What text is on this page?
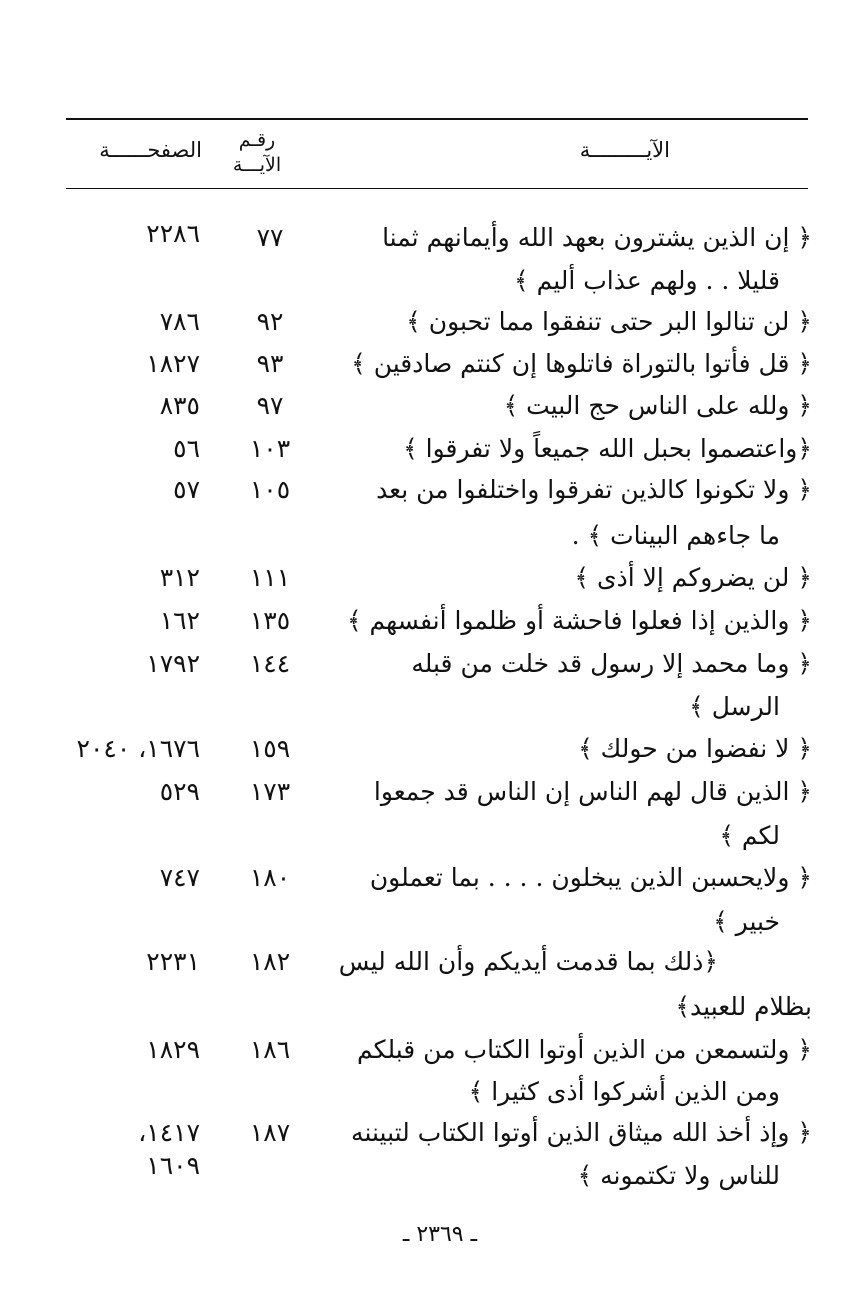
الآيـــــــــة
رقـم
الآيـــة
الصفحــــــة
﴿ إن الذين يشترون بعهد الله وأيمانهم ثمنا
قليلا . . ولهم عذاب أليم ﴾
٧٧
٢٢٨٦
﴿ لن تنالوا البر حتى تنفقوا مما تحبون ﴾
٩٢
٧٨٦
﴿ قل فأتوا بالتوراة فاتلوها إن كنتم صادقين ﴾
٩٣
١٨٢٧
﴿ ولله على الناس حج البيت ﴾
٩٧
٨٣٥
﴿واعتصموا بحبل الله جميعاً ولا تفرقوا ﴾
١٠٣
٥٦
﴿ ولا تكونوا كالذين تفرقوا واختلفوا من بعد
ما جاءهم البينات ﴾ .
١٠٥
٥٧
﴿ لن يضروكم إلا أذى ﴾
١١١
٣١٢
﴿ والذين إذا فعلوا فاحشة أو ظلموا أنفسهم ﴾
١٣٥
١٦٢
﴿ وما محمد إلا رسول قد خلت من قبله
الرسل ﴾
١٤٤
١٧٩٢
﴿ لا نفضوا من حولك ﴾
١٥٩
١٦٧٦، ٢٠٤٠
﴿ الذين قال لهم الناس إن الناس قد جمعوا
لكم ﴾
١٧٣
٥٢٩
﴿ ولايحسبن الذين يبخلون . . . . بما تعملون
خبير ﴾
١٨٠
٧٤٧
﴿ذلك بما قدمت أيديكم وأن الله ليس
بظلام للعبيد﴾
١٨٢
٢٢٣١
﴿ ولتسمعن من الذين أوتوا الكتاب من قبلكم
ومن الذين أشركوا أذى كثيرا ﴾
١٨٦
١٨٢٩
﴿ وإذ أخذ الله ميثاق الذين أوتوا الكتاب لتبيننه
للناس ولا تكتمونه ﴾
١٨٧
١٤١٧،
١٦٠٩
ـ ٢٣٦٩ ـ
